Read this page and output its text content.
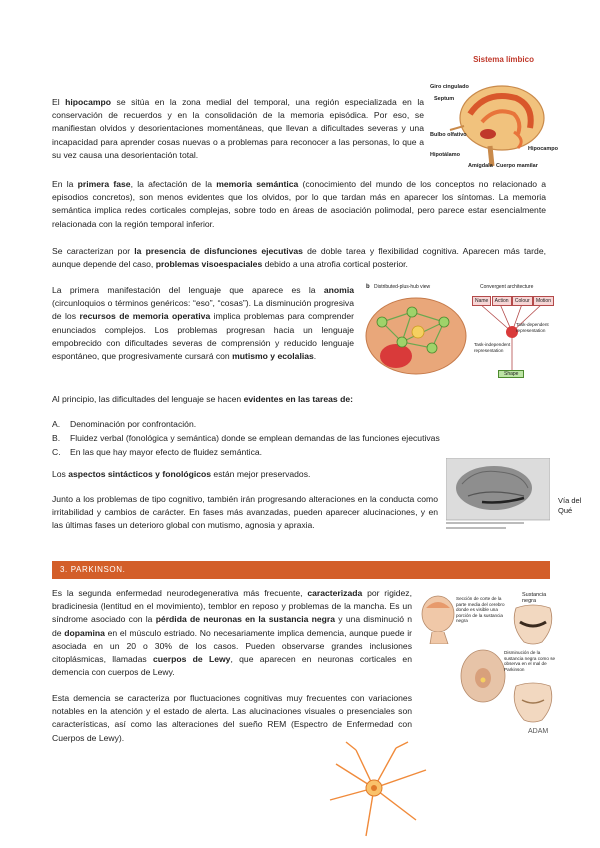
Sistema límbico
Giro cingulado
Septum
Bulbo olfativo
Hipotálamo
Amígdala Cuerpo mamilar
Hipocampo
El hipocampo se sitúa en la zona medial del temporal, una región especializada en la conservación de recuerdos y en la consolidación de la memoria episódica. Por eso, se manifiestan olvidos y desorientaciones momentáneas, que llevan a dificultades severas y una incapacidad para aprender cosas nuevas o a problemas para reconocer a las personas, lo que a su vez causa una desorientación total.
En la primera fase, la afectación de la memoria semántica (conocimiento del mundo de los conceptos no relacionado a episodios concretos), son menos evidentes que los olvidos, por lo que tardan más en aparecer los síntomas. La memoria semántica implica redes corticales complejas, sobre todo en áreas de asociación polimodal, pero parece estar esencialmente relacionada con la región temporal inferior.
Se caracterizan por la presencia de disfunciones ejecutivas de doble tarea y flexibilidad cognitiva. Aparecen más tarde, aunque depende del caso, problemas visoespaciales debido a una atrofia cortical posterior.
La primera manifestación del lenguaje que aparece es la anomia (circunloquios o términos genéricos: “eso”, “cosas”). La disminución progresiva de los recursos de memoria operativa implica problemas para comprender enunciados complejos. Los problemas progresan hacia un lenguaje empobrecido con dificultades severas de comprensión y reducido lenguaje espontáneo, que progresivamente cursará con mutismo y ecolalias.
b Distributed-plus-hub view	Convergent architecture
Name	Action	Colour	Motion
Task-dependent representation
Task-independent representation
Shape
Al principio, las dificultades del lenguaje se hacen evidentes en las tareas de:
A.	Denominación por confrontación.
B.	Fluidez verbal (fonológica y semántica) donde se emplean demandas de las funciones ejecutivas
C.	En las que hay mayor efecto de fluidez semántica.
Los aspectos sintácticos y fonológicos están mejor preservados.
Vía del Qué
Junto a los problemas de tipo cognitivo, también irán progresando alteraciones en la conducta como irritabilidad y cambios de carácter. En fases más avanzadas, pueden aparecer alucinaciones, y en las últimas fases un deterioro global con mutismo, agnosia y apraxia.
3. PARKINSON.
Es la segunda enfermedad neurodegenerativa más frecuente, caracterizada por rigidez, bradicinesia (lentitud en el movimiento), temblor en reposo y problemas de la mancha. Es un síndrome asociado con la pérdida de neuronas en la sustancia negra y una disminució n de dopamina en el músculo estriado. No necesariamente implica demencia, aunque puede ir asociada en un 20 o 30% de los casos. Pueden observarse grandes inclusiones citoplásmicas, llamadas cuerpos de Lewy, que aparecen en neuronas corticales en demencia con cuerpos de Lewy.
Sección de corte de la parte media del cerebro donde es visible una porción de la sustancia negra
Sustancia negra
Disminución de la sustancia negra como se observa en el mal de Parkinson
ADAM
Esta demencia se caracteriza por fluctuaciones cognitivas muy frecuentes con variaciones notables en la atención y el estado de alerta. Las alucinaciones visuales o presenciales son características, así como las alteraciones del sueño REM (Espectro de Enfermedad con Cuerpos de Lewy).
